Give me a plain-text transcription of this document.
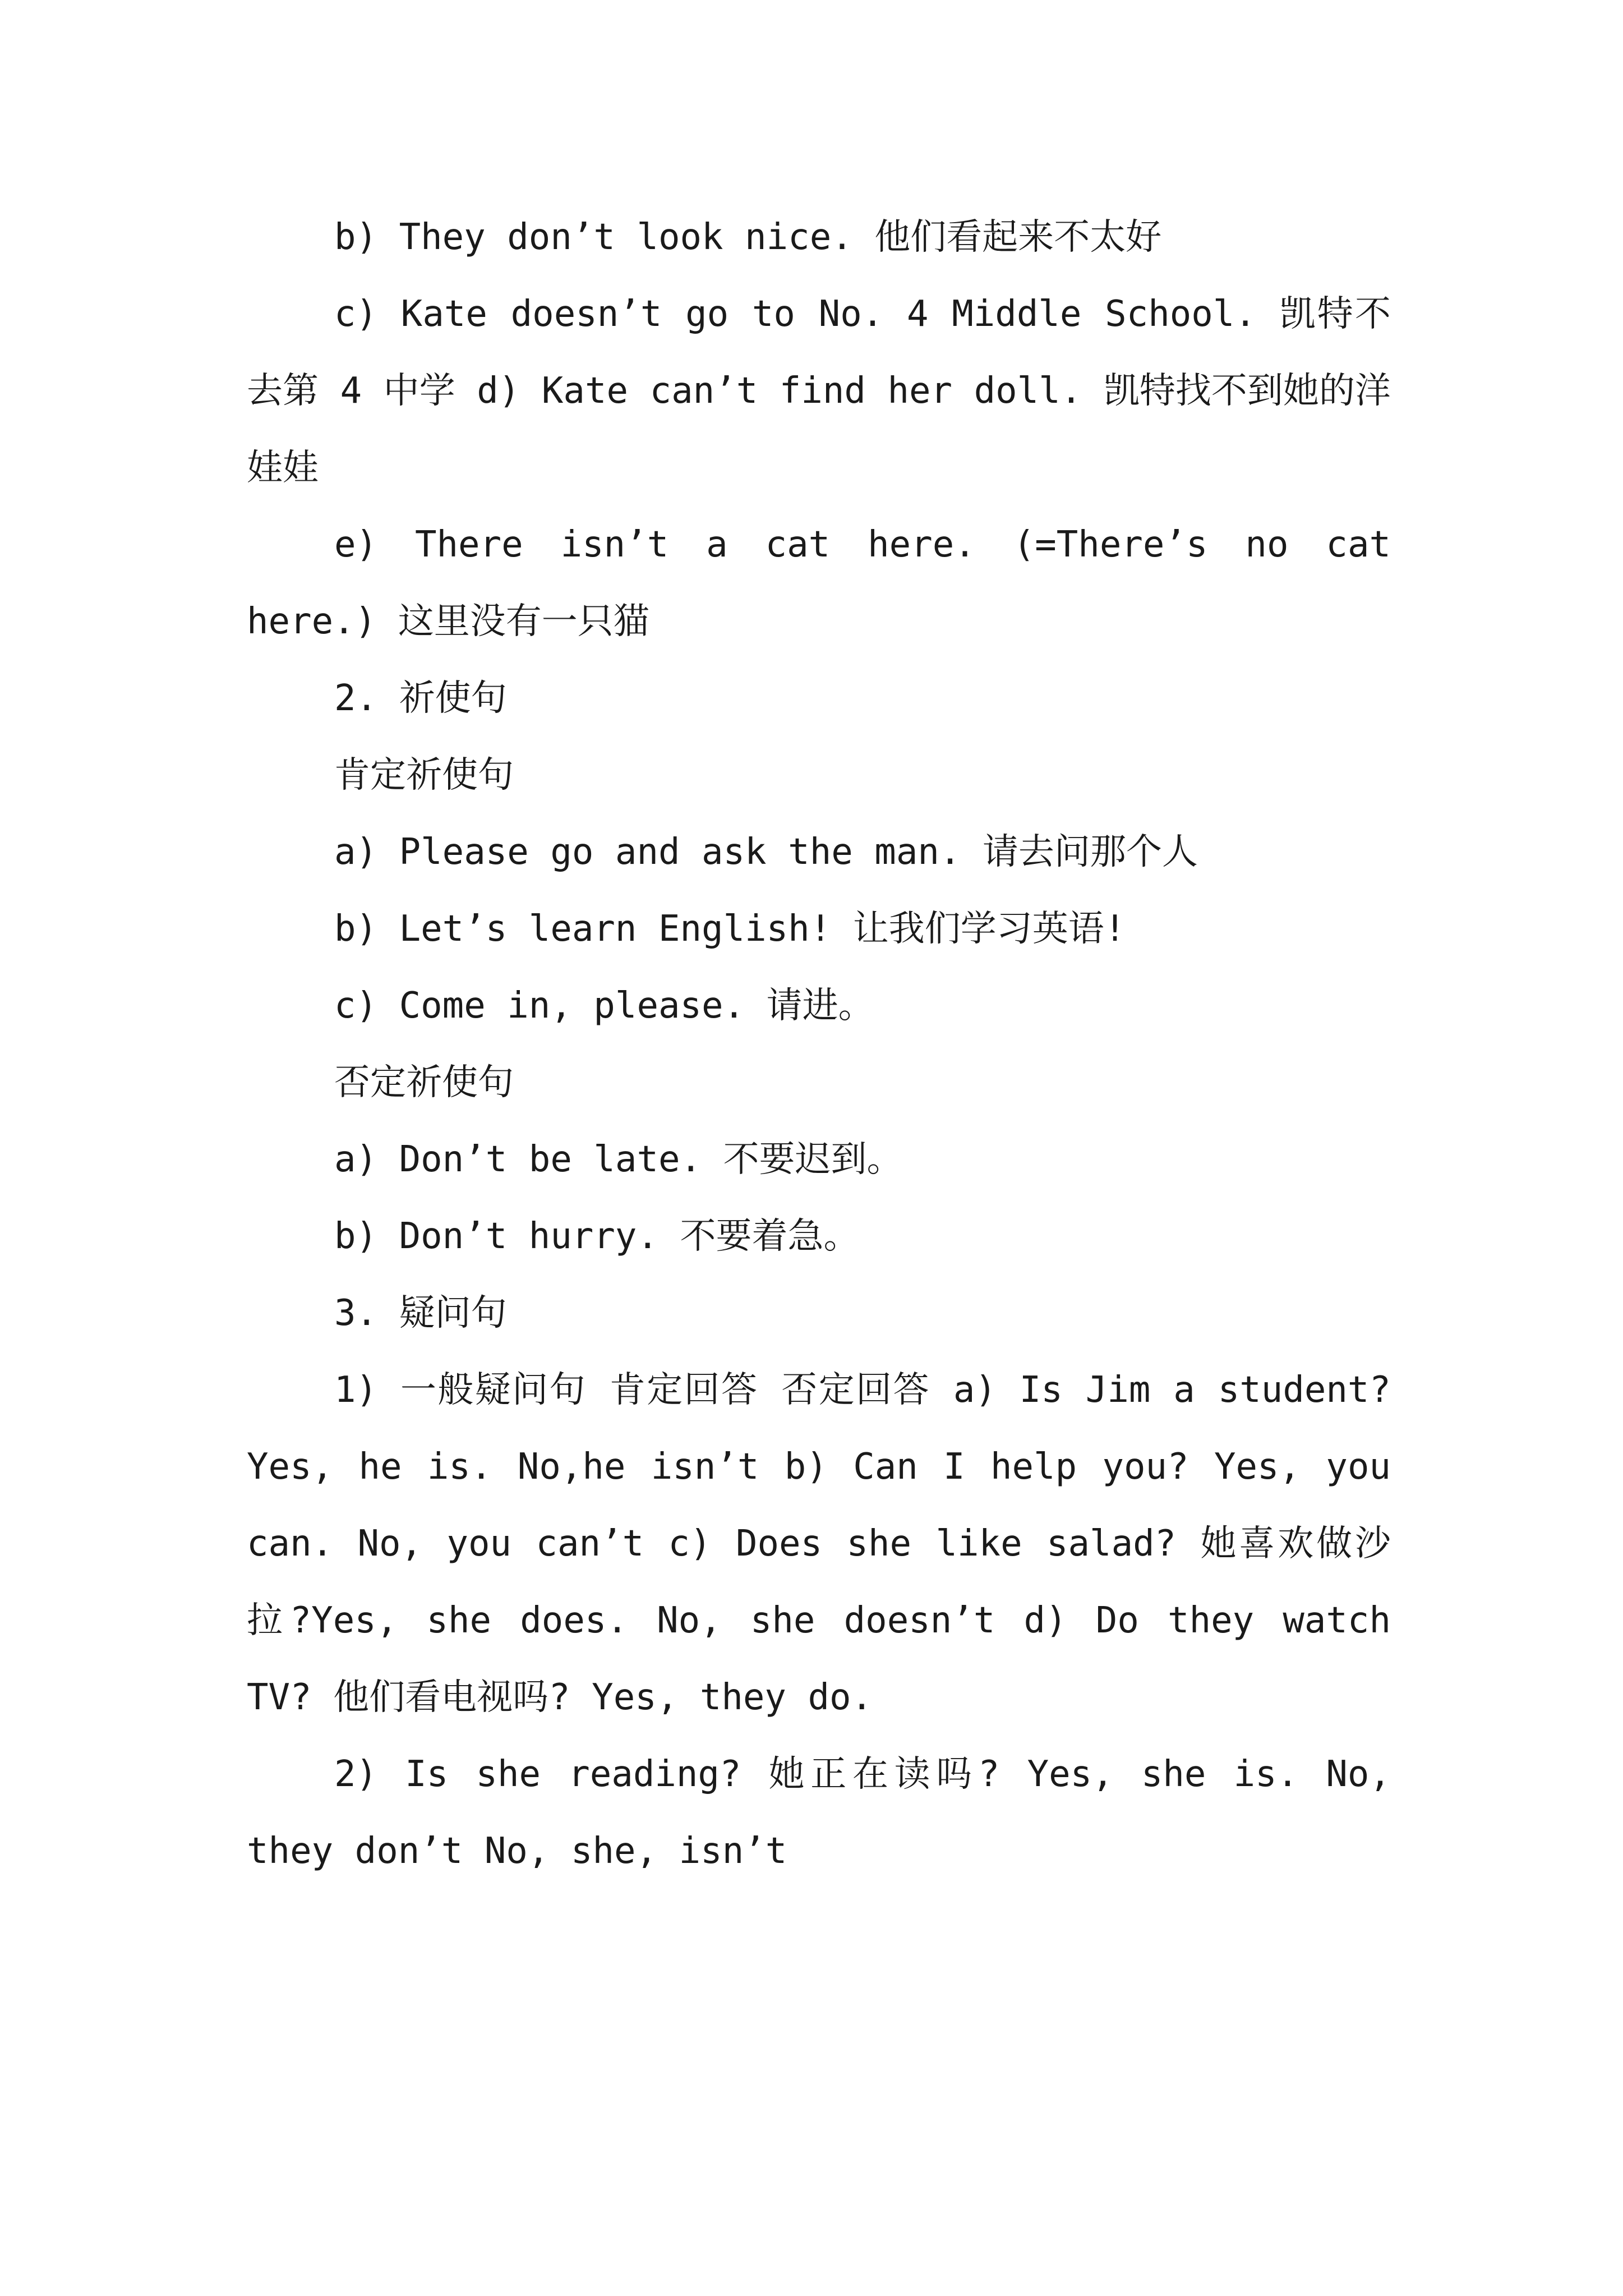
b) They don’t look nice. 他们看起来不太好

c) Kate doesn’t go to No. 4 Middle School. 凯特不去第 4 中学 d) Kate can’t find her doll. 凯特找不到她的洋娃娃

e) There isn’t a cat here. (=There’s no cat here.) 这里没有一只猫

2. 祈使句

肯定祈使句

a) Please go and ask the man. 请去问那个人

b) Let’s learn English! 让我们学习英语!

c) Come in, please. 请进。

否定祈使句

a) Don’t be late. 不要迟到。

b) Don’t hurry. 不要着急。

3. 疑问句

1) 一般疑问句 肯定回答 否定回答 a) Is Jim a student? Yes, he is. No,he isn’t b) Can I help you? Yes, you can. No, you can’t c) Does she like salad? 她喜欢做沙拉?Yes, she does. No, she doesn’t d) Do they watch TV? 他们看电视吗? Yes, they do.

2) Is she reading? 她正在读吗? Yes, she is. No, they don’t No, she, isn’t
